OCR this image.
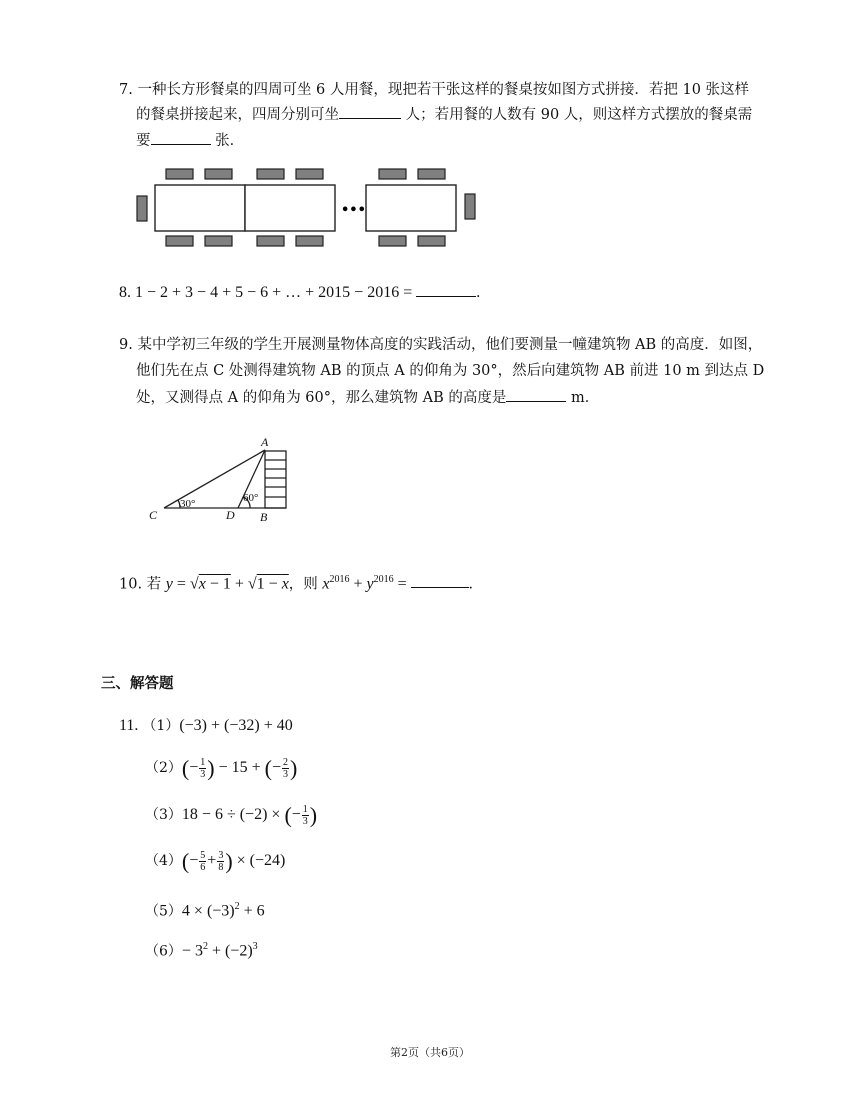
7. 一种长方形餐桌的四周可坐 6 人用餐，现把若干张这样的餐桌按如图方式拼接．若把 10 张这样
的餐桌拼接起来，四周分别可坐	人；若用餐的人数有 90 人，则这样方式摆放的餐桌需
要	张．
•••
8. 1 − 2 + 3 − 4 + 5 − 6 + … + 2015 − 2016 =	.
9. 某中学初三年级的学生开展测量物体高度的实践活动，他们要测量一幢建筑物 AB 的高度．如图，
他们先在点 C 处测得建筑物 AB 的顶点 A 的仰角为 30°，然后向建筑物 AB 前进 10 m 到达点 D
处，又测得点 A 的仰角为 60°，那么建筑物 AB 的高度是	m．
A
B
C	D
30°	60°
10. 若 y = √x − 1 + √1 − x，则 $x^{2016} + y^{2016}$ =	.
三、解答题
11. （1）(−3) + (−32) + 40
$(2)(- \frac{1}{3}$ ) − 15 + (− $\frac{2}{3}$ )
（3）18 − 6 ÷ (−2) × (− $\frac{1}{3}$ )
$(4)(- \frac{5}{6} + \frac{3}{8}$ ) × (−24)
$(5)4 \times (-3)^2 + 6$
$(6)- 3^2 + (-2)^3$
第2页（共6页）
